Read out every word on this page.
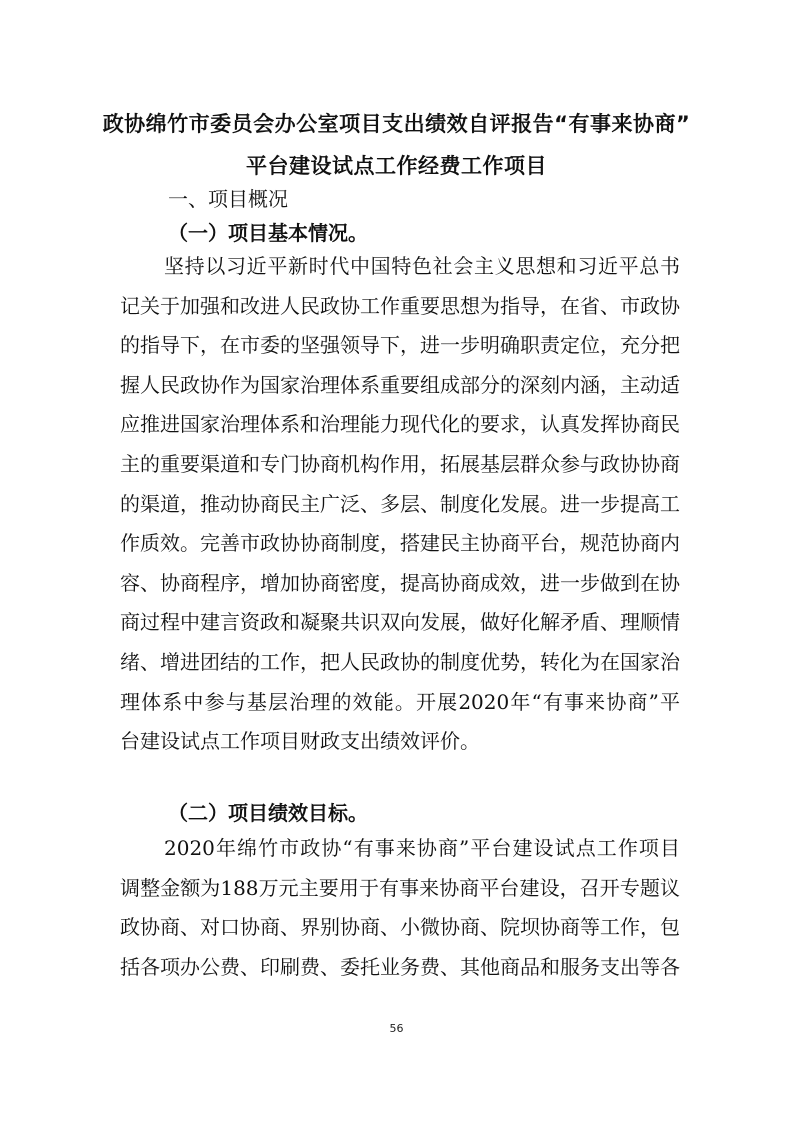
政协绵竹市委员会办公室项目支出绩效自评报告“有事来协商”
平台建设试点工作经费工作项目
一、项目概况
（一）项目基本情况。
坚持以习近平新时代中国特色社会主义思想和习近平总书
记关于加强和改进人民政协工作重要思想为指导，在省、市政协
的指导下，在市委的坚强领导下，进一步明确职责定位，充分把
握人民政协作为国家治理体系重要组成部分的深刻内涵，主动适
应推进国家治理体系和治理能力现代化的要求，认真发挥协商民
主的重要渠道和专门协商机构作用，拓展基层群众参与政协协商
的渠道，推动协商民主广泛、多层、制度化发展。进一步提高工
作质效。完善市政协协商制度，搭建民主协商平台，规范协商内
容、协商程序，增加协商密度，提高协商成效，进一步做到在协
商过程中建言资政和凝聚共识双向发展，做好化解矛盾、理顺情
绪、增进团结的工作，把人民政协的制度优势，转化为在国家治
理体系中参与基层治理的效能。开展2020年“有事来协商”平
台建设试点工作项目财政支出绩效评价。
（二）项目绩效目标。
2020年绵竹市政协“有事来协商”平台建设试点工作项目
调整金额为188万元主要用于有事来协商平台建设，召开专题议
政协商、对口协商、界别协商、小微协商、院坝协商等工作，包
括各项办公费、印刷费、委托业务费、其他商品和服务支出等各
56
